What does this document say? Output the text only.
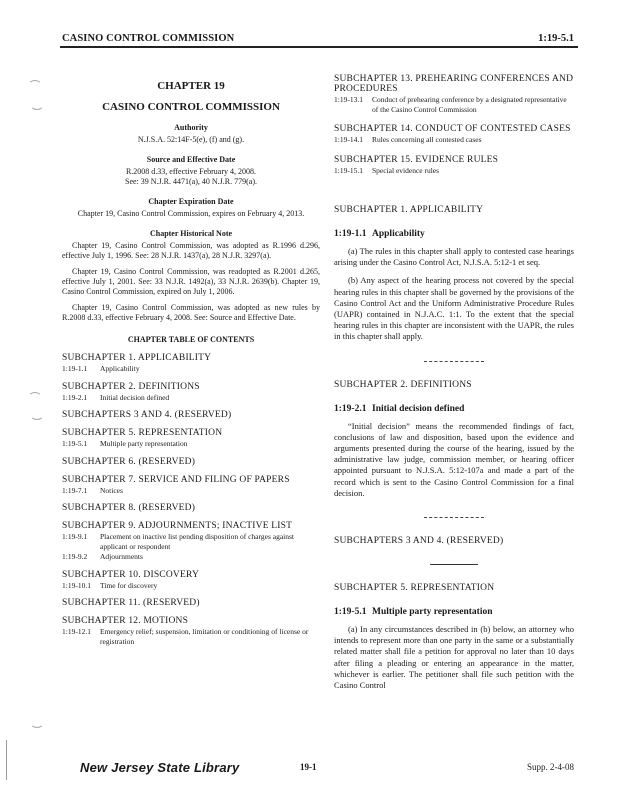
CASINO CONTROL COMMISSION	1:19-5.1
CHAPTER 19
CASINO CONTROL COMMISSION
Authority
N.J.S.A. 52:14F-5(e), (f) and (g).
Source and Effective Date
R.2008 d.33, effective February 4, 2008.
See: 39 N.J.R. 4471(a), 40 N.J.R. 779(a).
Chapter Expiration Date
Chapter 19, Casino Control Commission, expires on February 4, 2013.
Chapter Historical Note
Chapter 19, Casino Control Commission, was adopted as R.1996 d.296, effective July 1, 1996. See: 28 N.J.R. 1437(a), 28 N.J.R. 3297(a).
Chapter 19, Casino Control Commission, was readopted as R.2001 d.265, effective July 1, 2001. See: 33 N.J.R. 1492(a), 33 N.J.R. 2639(b). Chapter 19, Casino Control Commission, expired on July 1, 2006.
Chapter 19, Casino Control Commission, was adopted as new rules by R.2008 d.33, effective February 4, 2008. See: Source and Effective Date.
CHAPTER TABLE OF CONTENTS
SUBCHAPTER 1. APPLICABILITY
1:19-1.1	Applicability
SUBCHAPTER 2. DEFINITIONS
1:19-2.1	Initial decision defined
SUBCHAPTERS 3 AND 4. (RESERVED)
SUBCHAPTER 5. REPRESENTATION
1:19-5.1	Multiple party representation
SUBCHAPTER 6. (RESERVED)
SUBCHAPTER 7. SERVICE AND FILING OF PAPERS
1:19-7.1	Notices
SUBCHAPTER 8. (RESERVED)
SUBCHAPTER 9. ADJOURNMENTS; INACTIVE LIST
1:19-9.1	Placement on inactive list pending disposition of charges against applicant or respondent
1:19-9.2	Adjournments
SUBCHAPTER 10. DISCOVERY
1:19-10.1	Time for discovery
SUBCHAPTER 11. (RESERVED)
SUBCHAPTER 12. MOTIONS
1:19-12.1	Emergency relief; suspension, limitation or conditioning of license or registration
SUBCHAPTER 13. PREHEARING CONFERENCES AND PROCEDURES
1:19-13.1	Conduct of prehearing conference by a designated representative of the Casino Control Commission
SUBCHAPTER 14. CONDUCT OF CONTESTED CASES
1:19-14.1	Rules concerning all contested cases
SUBCHAPTER 15. EVIDENCE RULES
1:19-15.1	Special evidence rules
SUBCHAPTER 1. APPLICABILITY
1:19-1.1 Applicability
(a) The rules in this chapter shall apply to contested case hearings arising under the Casino Control Act, N.J.S.A. 5:12-1 et seq.
(b) Any aspect of the hearing process not covered by the special hearing rules in this chapter shall be governed by the provisions of the Casino Control Act and the Uniform Administrative Procedure Rules (UAPR) contained in N.J.A.C. 1:1. To the extent that the special hearing rules in this chapter are inconsistent with the UAPR, the rules in this chapter shall apply.
SUBCHAPTER 2. DEFINITIONS
1:19-2.1 Initial decision defined
“Initial decision” means the recommended findings of fact, conclusions of law and disposition, based upon the evidence and arguments presented during the course of the hearing, issued by the administrative law judge, commission member, or hearing officer appointed pursuant to N.J.S.A. 5:12-107a and made a part of the record which is sent to the Casino Control Commission for a final decision.
SUBCHAPTERS 3 AND 4. (RESERVED)
SUBCHAPTER 5. REPRESENTATION
1:19-5.1 Multiple party representation
(a) In any circumstances described in (b) below, an attorney who intends to represent more than one party in the same or a substantially related matter shall file a petition for approval no later than 10 days after filing a pleading or entering an appearance in the matter, whichever is earlier. The petitioner shall file such petition with the Casino Control
New Jersey State Library	19-1	Supp. 2-4-08
